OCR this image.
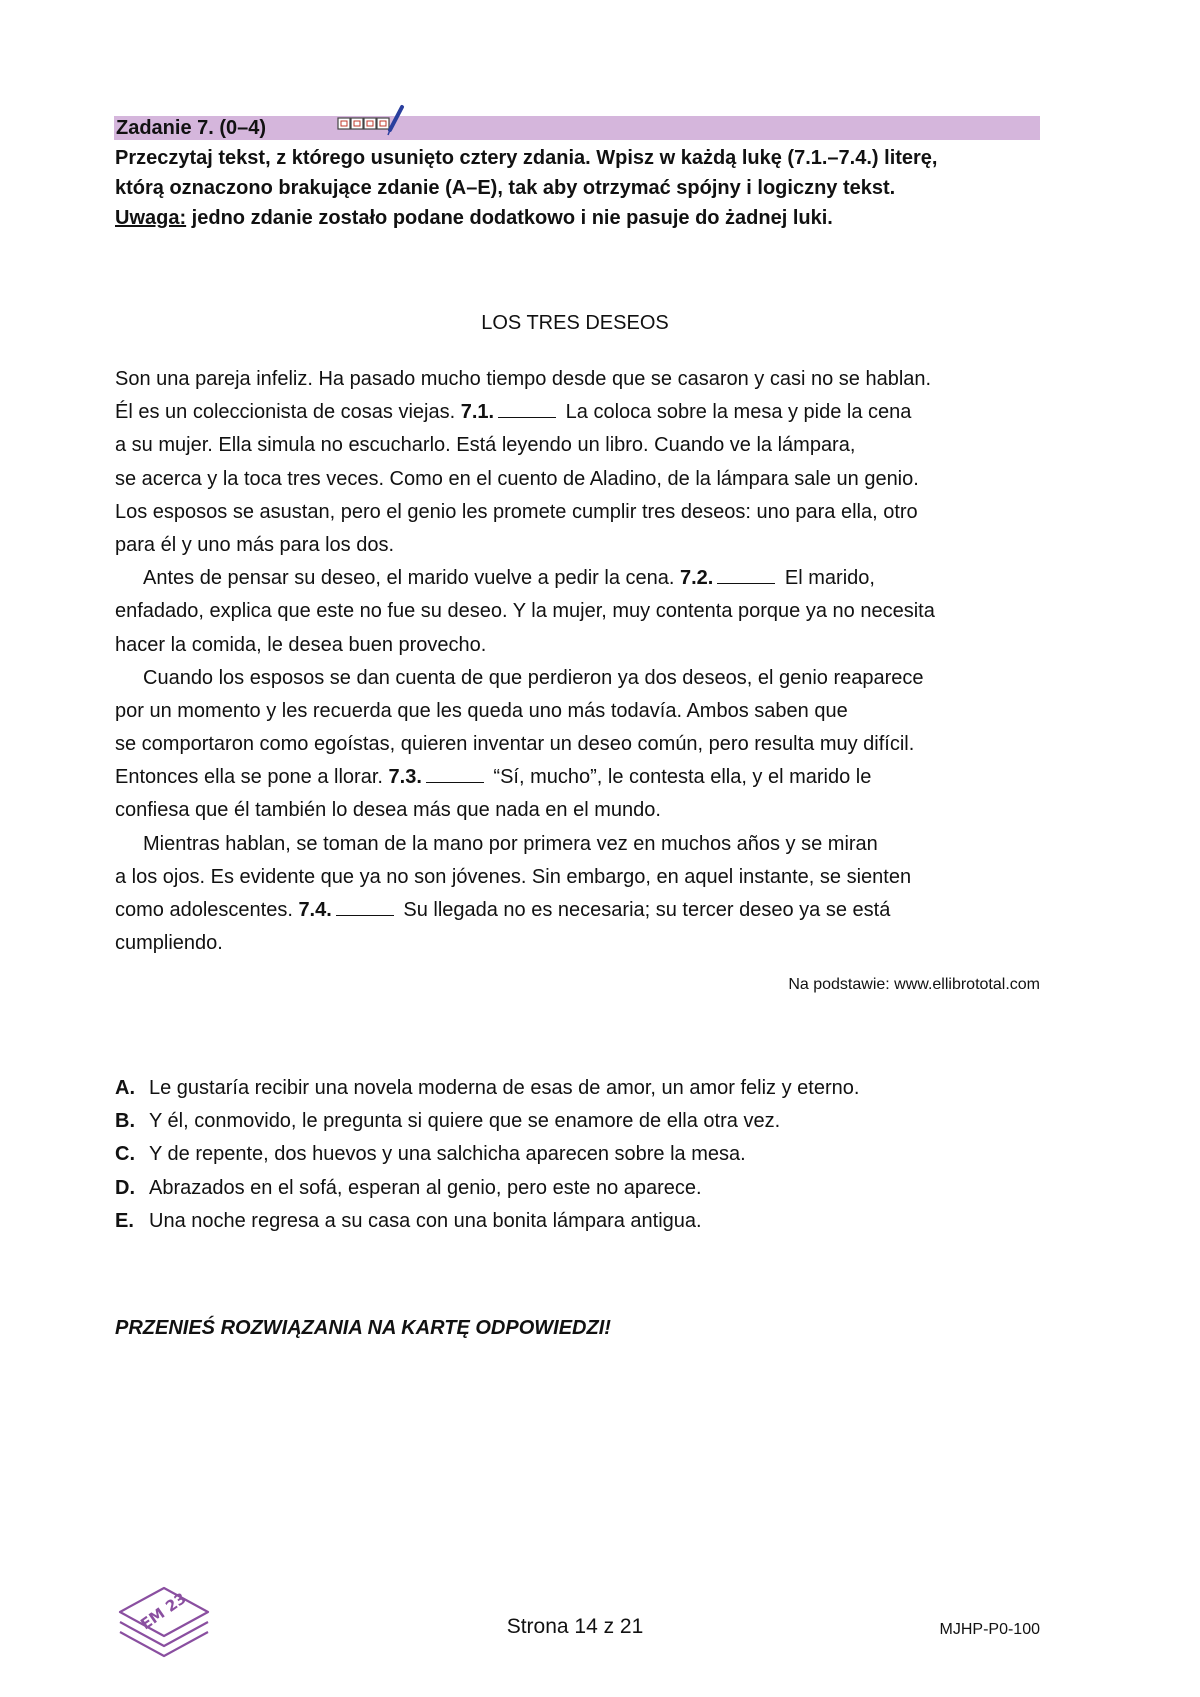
Zadanie 7. (0–4)

Przeczytaj tekst, z którego usunięto cztery zdania. Wpisz w każdą lukę (7.1.–7.4.) literę,

którą oznaczono brakujące zdanie (A–E), tak aby otrzymać spójny i logiczny tekst.

Uwaga: jedno zdanie zostało podane dodatkowo i nie pasuje do żadnej luki.

LOS TRES DESEOS
Son una pareja infeliz. Ha pasado mucho tiempo desde que se casaron y casi no se hablan.
Él es un coleccionista de cosas viejas. 7.1.	La coloca sobre la mesa y pide la cena
a su mujer. Ella simula no escucharlo. Está leyendo un libro. Cuando ve la lámpara,
se acerca y la toca tres veces. Como en el cuento de Aladino, de la lámpara sale un genio.
Los esposos se asustan, pero el genio les promete cumplir tres deseos: uno para ella, otro
para él y uno más para los dos.
Antes de pensar su deseo, el marido vuelve a pedir la cena. 7.2.	El marido,
enfadado, explica que este no fue su deseo. Y la mujer, muy contenta porque ya no necesita
hacer la comida, le desea buen provecho.
Cuando los esposos se dan cuenta de que perdieron ya dos deseos, el genio reaparece
por un momento y les recuerda que les queda uno más todavía. Ambos saben que
se comportaron como egoístas, quieren inventar un deseo común, pero resulta muy difícil.
Entonces ella se pone a llorar. 7.3.	“Sí, mucho”, le contesta ella, y el marido le
confiesa que él también lo desea más que nada en el mundo.
Mientras hablan, se toman de la mano por primera vez en muchos años y se miran
a los ojos. Es evidente que ya no son jóvenes. Sin embargo, en aquel instante, se sienten
como adolescentes. 7.4.	Su llegada no es necesaria; su tercer deseo ya se está
cumpliendo.
Na podstawie: www.ellibrototal.com
A. Le gustaría recibir una novela moderna de esas de amor, un amor feliz y eterno.
B. Y él, conmovido, le pregunta si quiere que se enamore de ella otra vez.
C. Y de repente, dos huevos y una salchicha aparecen sobre la mesa.
D. Abrazados en el sofá, esperan al genio, pero este no aparece.
E. Una noche regresa a su casa con una bonita lámpara antigua.
PRZENIEŚ ROZWIĄZANIA NA KARTĘ ODPOWIEDZI!
EM 23	Strona 14 z 21	MJHP-P0-100
